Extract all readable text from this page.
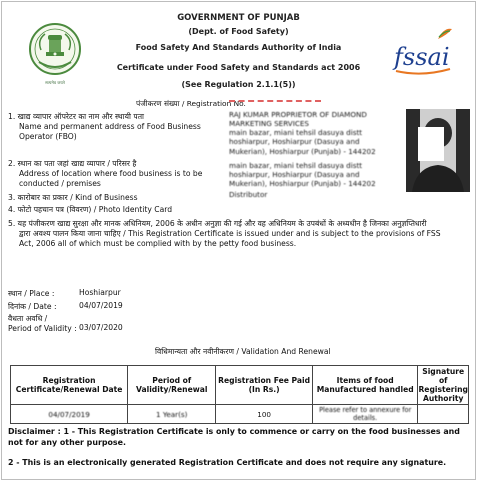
सत्यमेव जयते
GOVERNMENT OF PUNJAB
(Dept. of Food Safety)
Food Safety And Standards Authority of India
Certificate under Food Safety and Standards act 2006
(See Regulation 2.1.1(5))
fssai
पंजीकरण संख्या / Registration No.
1. खाद्य व्यापार ऑपरेटर का नाम और स्थायी पता
Name and permanent address of Food Business
Operator (FBO)
RAJ KUMAR PROPRIETOR OF DIAMOND
MARKETING SERVICES
main bazar, miani tehsil dasuya distt
hoshiarpur, Hoshiarpur (Dasuya and
Mukerian), Hoshiarpur (Punjab) - 144202
2. स्थान का पता जहां खाद्य व्यापार / परिसर है
Address of location where food business is to be
conducted / premises
main bazar, miani tehsil dasuya distt
hoshiarpur, Hoshiarpur (Dasuya and
Mukerian), Hoshiarpur (Punjab) - 144202
3. कारोबार का प्रकार / Kind of Business	Distributor
4. फोटो पहचान पत्र (विवरण) / Photo Identity Card
5. यह पंजीकरण खाद्य सुरक्षा और मानक अधिनियम, 2006 के अधीन अनुज्ञा की गई और वह अधिनियम के उपबंधों के अध्यधीन है जिनका अनुज्ञप्तिधारी
द्वारा अवश्य पालन किया जाना चाहिए / This Registration Certificate is issued under and is subject to the provisions of FSS
Act, 2006 all of which must be complied with by the petty food business.
स्थान / Place :	Hoshiarpur
दिनांक / Date :	04/07/2019
वैधता अवधि /
Period of Validity : 03/07/2020
विधिमान्यता और नवीनीकरण / Validation And Renewal
Registration Certificate/Renewal Date	Period of Validity/Renewal	Registration Fee Paid (In Rs.)	Items of food Manufactured handled	Signature of Registering Authority
04/07/2019	1 Year(s)	100	Please refer to annexure for details.	
Disclaimer : 1 - This Registration Certificate is only to commence or carry on the food businesses and not for any other purpose.
2 - This is an electronically generated Registration Certificate and does not require any signature.
